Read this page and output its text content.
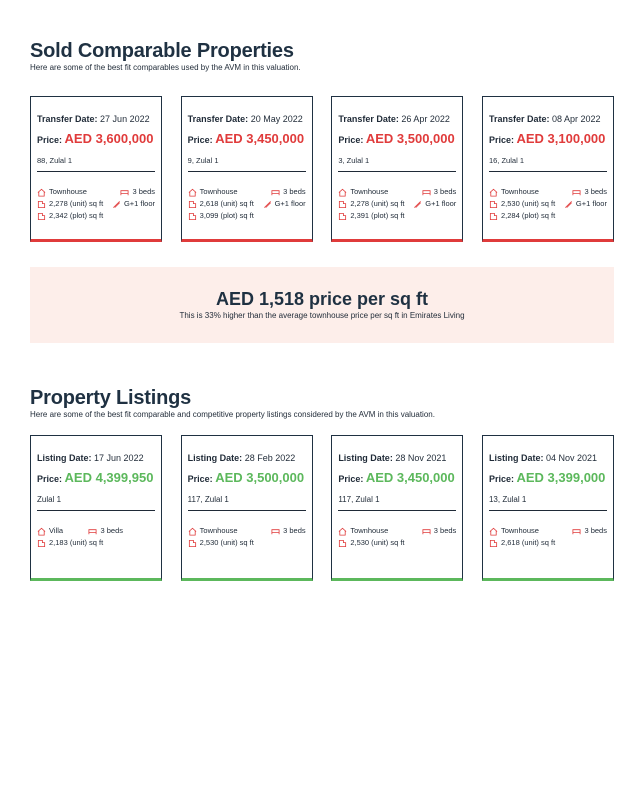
Sold Comparable Properties
Here are some of the best fit comparables used by the AVM in this valuation.
Transfer Date: 27 Jun 2022
Price: AED 3,600,000
88, Zulal 1
Townhouse	3 beds
2,278 (unit) sq ft	G+1 floor
2,342 (plot) sq ft
Transfer Date: 20 May 2022
Price: AED 3,450,000
9, Zulal 1
Townhouse	3 beds
2,618 (unit) sq ft	G+1 floor
3,099 (plot) sq ft
Transfer Date: 26 Apr 2022
Price: AED 3,500,000
3, Zulal 1
Townhouse	3 beds
2,278 (unit) sq ft	G+1 floor
2,391 (plot) sq ft
Transfer Date: 08 Apr 2022
Price: AED 3,100,000
16, Zulal 1
Townhouse	3 beds
2,530 (unit) sq ft	G+1 floor
2,284 (plot) sq ft
AED 1,518 price per sq ft
This is 33% higher than the average townhouse price per sq ft in Emirates Living
Property Listings
Here are some of the best fit comparable and competitive property listings considered by the AVM in this valuation.
Listing Date: 17 Jun 2022
Price: AED 4,399,950
Zulal 1
Villa	3 beds
2,183 (unit) sq ft
Listing Date: 28 Feb 2022
Price: AED 3,500,000
117, Zulal 1
Townhouse	3 beds
2,530 (unit) sq ft
Listing Date: 28 Nov 2021
Price: AED 3,450,000
117, Zulal 1
Townhouse	3 beds
2,530 (unit) sq ft
Listing Date: 04 Nov 2021
Price: AED 3,399,000
13, Zulal 1
Townhouse	3 beds
2,618 (unit) sq ft
